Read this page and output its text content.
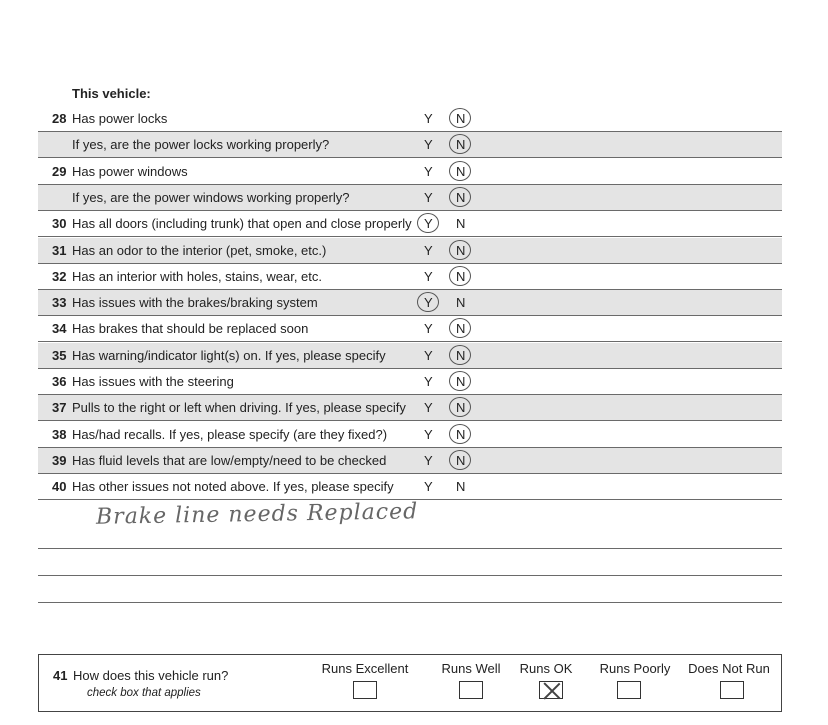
This vehicle:
28 Has power locks	Y N
If yes, are the power locks working properly?	Y N
29 Has power windows	Y N
If yes, are the power windows working properly?	Y N
30 Has all doors (including trunk) that open and close properly Y N
31 Has an odor to the interior (pet, smoke, etc.)	Y N
32 Has an interior with holes, stains, wear, etc.	Y N
33 Has issues with the brakes/braking system	Y N
34 Has brakes that should be replaced soon	Y N
35 Has warning/indicator light(s) on. If yes, please specify	Y N
36 Has issues with the steering	Y N
37 Pulls to the right or left when driving. If yes, please specify Y N
38 Has/had recalls. If yes, please specify (are they fixed?)	Y N
39 Has fluid levels that are low/empty/need to be checked	Y N
40 Has other issues not noted above. If yes, please specify Y N
Brake line needs Replaced
41 How does this vehicle run?
check box that applies
Runs Excellent	Runs Well	Runs OK	Runs Poorly	Does Not Run
